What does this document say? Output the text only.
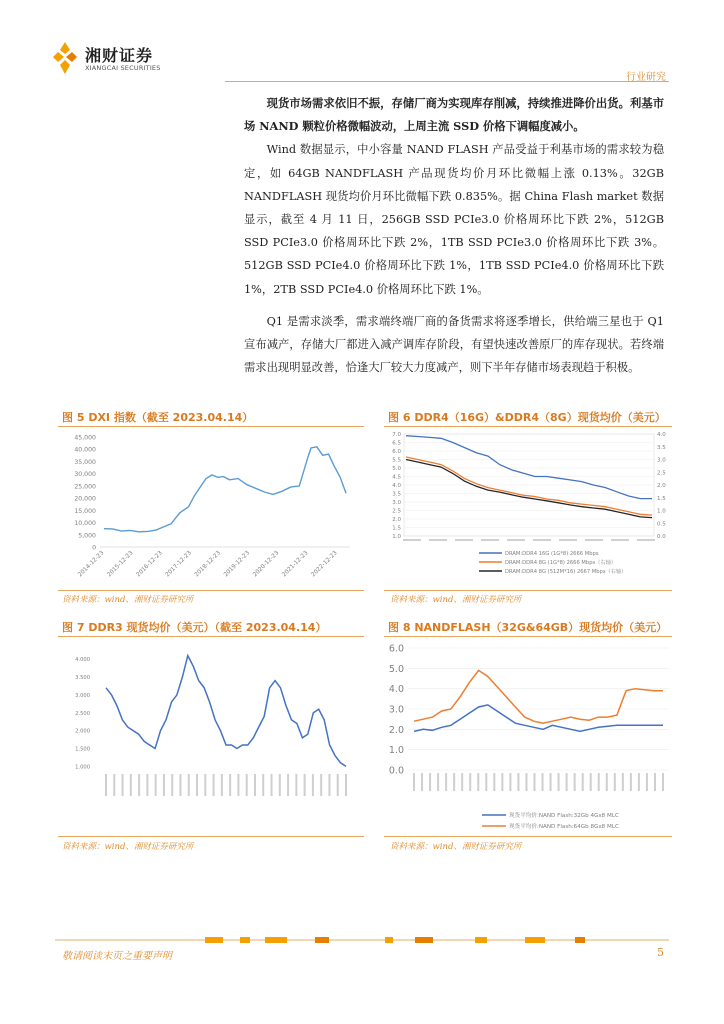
湘财证券
XIANGCAI SECURITIES
行业研究

现货市场需求依旧不振，存储厂商为实现库存削减，持续推进降价出货。利基市场 NAND 颗粒价格微幅波动，上周主流 SSD 价格下调幅度减小。

Wind 数据显示，中小容量 NAND FLASH 产品受益于利基市场的需求较为稳定，如 64GB NANDFLASH 产品现货均价月环比微幅上涨 0.13%。32GB NANDFLASH 现货均价月环比微幅下跌 0.835%。据 China Flash market 数据显示，截至 4 月 11 日，256GB SSD PCIe3.0 价格周环比下跌 2%，512GB SSD PCIe3.0 价格周环比下跌 2%，1TB SSD PCIe3.0 价格周环比下跌 3%。512GB SSD PCIe4.0 价格周环比下跌 1%，1TB SSD PCIe4.0 价格周环比下跌 1%，2TB SSD PCIe4.0 价格周环比下跌 1%。

Q1 是需求淡季，需求端终端厂商的备货需求将逐季增长，供给端三星也于 Q1 宣布减产，存储大厂都进入减产调库存阶段，有望快速改善原厂的库存现状。若终端需求出现明显改善，恰逢大厂较大力度减产，则下半年存储市场表现趋于积极。

图 5 DXI 指数（截至 2023.04.14）
45,000
40,000
35,000
30,000
25,000
20,000
15,000
10,000
5,000
0
2014-12-23 2015-12-23 2016-12-23 2017-12-23 2018-12-23 2019-12-23 2020-12-23 2021-12-23 2022-12-23
资料来源：wind、湘财证券研究所
图 6 DDR4（16G）&DDR4（8G）现货均价（美元）
7.0
6.5
6.0
5.5
5.0
4.5
4.0
3.5
3.0
2.5
2.0
1.5
1.0
4.0
3.5
3.0
2.5
2.0
1.5
1.0
0.5
0.0
DRAM:DDR4 16G (1G*8) 2666 Mbps
DRAM:DDR4 8G (1G*8) 2666 Mbps（右轴）
DRAM:DDR4 8G (512M*16) 2667 Mbps（右轴）
资料来源：wind、湘财证券研究所
图 7 DDR3 现货均价（美元）（截至 2023.04.14）
4.000
3.500
3.000
2.500
2.000
1.500
1.000
资料来源：wind、湘财证券研究所
图 8 NANDFLASH（32G&64GB）现货均价（美元）
6.0
5.0
4.0
3.0
2.0
1.0
0.0
现货平均价:NAND Flash:32Gb 4Gx8 MLC
现货平均价:NAND Flash:64Gb 8Gx8 MLC
资料来源：wind、湘财证券研究所
敬请阅读末页之重要声明	5
